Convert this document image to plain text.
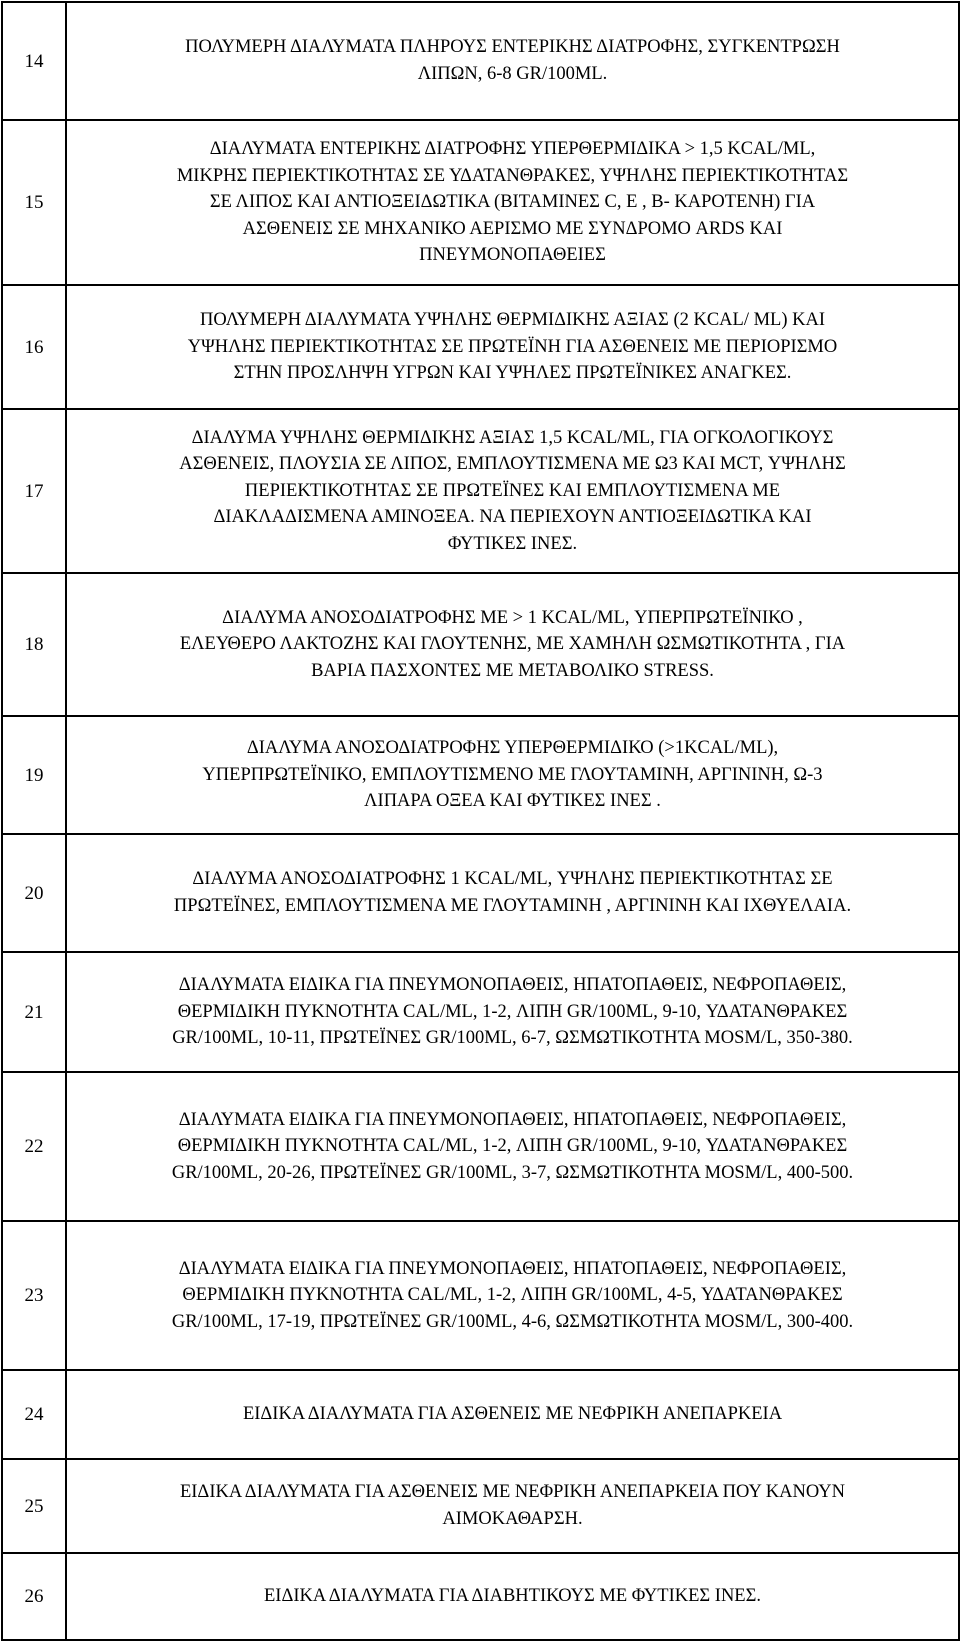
14	ΠΟΛΥΜΕΡΗ ΔΙΑΛΥΜΑΤΑ ΠΛΗΡΟΥΣ ΕΝΤΕΡΙΚΗΣ ΔΙΑΤΡΟΦΗΣ, ΣΥΓΚΕΝΤΡΩΣΗ
ΛΙΠΩΝ, 6-8 GR/100ML.
15	ΔΙΑΛΥΜΑΤΑ ΕΝΤΕΡΙΚΗΣ ΔΙΑΤΡΟΦΗΣ ΥΠΕΡΘΕΡΜΙΔΙΚΑ > 1,5 KCAL/ML,
ΜΙΚΡΗΣ ΠΕΡΙΕΚΤΙΚΟΤΗΤΑΣ ΣΕ ΥΔΑΤΑΝΘΡΑΚΕΣ, ΥΨΗΛΗΣ ΠΕΡΙΕΚΤΙΚΟΤΗΤΑΣ
ΣΕ ΛΙΠΟΣ ΚΑΙ ΑΝΤΙΟΞΕΙΔΩΤΙΚΑ (ΒΙΤΑΜΙΝΕΣ C, E , Β- ΚΑΡΟΤΕΝΗ) ΓΙΑ
ΑΣΘΕΝΕΙΣ ΣΕ ΜΗΧΑΝΙΚΟ ΑΕΡΙΣΜΟ ΜΕ ΣΥΝΔΡΟΜΟ ARDS ΚΑΙ
ΠΝΕΥΜΟΝΟΠΑΘΕΙΕΣ
16	ΠΟΛΥΜΕΡΗ ΔΙΑΛΥΜΑΤΑ ΥΨΗΛΗΣ ΘΕΡΜΙΔΙΚΗΣ ΑΞΙΑΣ (2 KCAL/ ML) ΚΑΙ
ΥΨΗΛΗΣ ΠΕΡΙΕΚΤΙΚΟΤΗΤΑΣ ΣΕ ΠΡΩΤΕΪΝΗ ΓΙΑ ΑΣΘΕΝΕΙΣ ΜΕ ΠΕΡΙΟΡΙΣΜΟ
ΣΤΗΝ ΠΡΟΣΛΗΨΗ ΥΓΡΩΝ ΚΑΙ ΥΨΗΛΕΣ ΠΡΩΤΕΪΝΙΚΕΣ ΑΝΑΓΚΕΣ.
17	ΔΙΑΛΥΜΑ ΥΨΗΛΗΣ ΘΕΡΜΙΔΙΚΗΣ ΑΞΙΑΣ 1,5 KCAL/ML, ΓΙΑ ΟΓΚΟΛΟΓΙΚΟΥΣ
ΑΣΘΕΝΕΙΣ, ΠΛΟΥΣΙΑ ΣΕ ΛΙΠΟΣ, ΕΜΠΛΟΥΤΙΣΜΕΝΑ ΜΕ Ω3 ΚΑΙ MCT, ΥΨΗΛΗΣ
ΠΕΡΙΕΚΤΙΚΟΤΗΤΑΣ ΣΕ ΠΡΩΤΕΪΝΕΣ ΚΑΙ ΕΜΠΛΟΥΤΙΣΜΕΝΑ ΜΕ
ΔΙΑΚΛΑΔΙΣΜΕΝΑ ΑΜΙΝΟΞΕΑ. ΝΑ ΠΕΡΙΕΧΟΥΝ ΑΝΤΙΟΞΕΙΔΩΤΙΚΑ ΚΑΙ
ΦΥΤΙΚΕΣ ΙΝΕΣ.
18	ΔΙΑΛΥΜΑ ΑΝΟΣΟΔΙΑΤΡΟΦΗΣ ΜΕ > 1 KCAL/ML, ΥΠΕΡΠΡΩΤΕΪΝΙΚΟ ,
ΕΛΕΥΘΕΡΟ ΛΑΚΤΟΖΗΣ ΚΑΙ ΓΛΟΥΤΕΝΗΣ, ΜΕ ΧΑΜΗΛΗ ΩΣΜΩΤΙΚΟΤΗΤΑ , ΓΙΑ
ΒΑΡΙΑ ΠΑΣΧΟΝΤΕΣ ΜΕ ΜΕΤΑΒΟΛΙΚΟ STRESS.
19	ΔΙΑΛΥΜΑ ΑΝΟΣΟΔΙΑΤΡΟΦΗΣ ΥΠΕΡΘΕΡΜΙΔΙΚΟ (>1KCAL/ML),
ΥΠΕΡΠΡΩΤΕΪΝΙΚΟ, ΕΜΠΛΟΥΤΙΣΜΕΝΟ ΜΕ ΓΛΟΥΤΑΜΙΝΗ, ΑΡΓΙΝΙΝΗ, Ω-3
ΛΙΠΑΡΑ ΟΞΕΑ ΚΑΙ ΦΥΤΙΚΕΣ ΙΝΕΣ .
20	ΔΙΑΛΥΜΑ ΑΝΟΣΟΔΙΑΤΡΟΦΗΣ 1 KCAL/ML, ΥΨΗΛΗΣ ΠΕΡΙΕΚΤΙΚΟΤΗΤΑΣ ΣΕ
ΠΡΩΤΕΪΝΕΣ, ΕΜΠΛΟΥΤΙΣΜΕΝΑ ΜΕ ΓΛΟΥΤΑΜΙΝΗ , ΑΡΓΙΝΙΝΗ ΚΑΙ ΙΧΘΥΕΛΑΙΑ.
21	ΔΙΑΛΥΜΑΤΑ ΕΙΔΙΚΑ ΓΙΑ ΠΝΕΥΜΟΝΟΠΑΘΕΙΣ, ΗΠΑΤΟΠΑΘΕΙΣ, ΝΕΦΡΟΠΑΘΕΙΣ,
ΘΕΡΜΙΔΙΚΗ ΠΥΚΝΟΤΗΤΑ CAL/ML, 1-2, ΛΙΠΗ GR/100ML, 9-10, ΥΔΑΤΑΝΘΡΑΚΕΣ
GR/100ML, 10-11, ΠΡΩΤΕΪΝΕΣ GR/100ML, 6-7, ΩΣΜΩΤΙΚΟΤΗΤΑ MOSM/L, 350-380.
22	ΔΙΑΛΥΜΑΤΑ ΕΙΔΙΚΑ ΓΙΑ ΠΝΕΥΜΟΝΟΠΑΘΕΙΣ, ΗΠΑΤΟΠΑΘΕΙΣ, ΝΕΦΡΟΠΑΘΕΙΣ,
ΘΕΡΜΙΔΙΚΗ ΠΥΚΝΟΤΗΤΑ CAL/ML, 1-2, ΛΙΠΗ GR/100ML, 9-10, ΥΔΑΤΑΝΘΡΑΚΕΣ
GR/100ML, 20-26, ΠΡΩΤΕΪΝΕΣ GR/100ML, 3-7, ΩΣΜΩΤΙΚΟΤΗΤΑ MOSM/L, 400-500.
23	ΔΙΑΛΥΜΑΤΑ ΕΙΔΙΚΑ ΓΙΑ ΠΝΕΥΜΟΝΟΠΑΘΕΙΣ, ΗΠΑΤΟΠΑΘΕΙΣ, ΝΕΦΡΟΠΑΘΕΙΣ,
ΘΕΡΜΙΔΙΚΗ ΠΥΚΝΟΤΗΤΑ CAL/ML, 1-2, ΛΙΠΗ GR/100ML, 4-5, ΥΔΑΤΑΝΘΡΑΚΕΣ
GR/100ML, 17-19, ΠΡΩΤΕΪΝΕΣ GR/100ML, 4-6, ΩΣΜΩΤΙΚΟΤΗΤΑ MOSM/L, 300-400.
24	ΕΙΔΙΚΑ ΔΙΑΛΥΜΑΤΑ ΓΙΑ ΑΣΘΕΝΕΙΣ ΜΕ ΝΕΦΡΙΚΗ ΑΝΕΠΑΡΚΕΙΑ
25	ΕΙΔΙΚΑ ΔΙΑΛΥΜΑΤΑ ΓΙΑ ΑΣΘΕΝΕΙΣ ΜΕ ΝΕΦΡΙΚΗ ΑΝΕΠΑΡΚΕΙΑ ΠΟΥ ΚΑΝΟΥΝ
ΑΙΜΟΚΑΘΑΡΣΗ.
26	ΕΙΔΙΚΑ ΔΙΑΛΥΜΑΤΑ ΓΙΑ ΔΙΑΒΗΤΙΚΟΥΣ ΜΕ ΦΥΤΙΚΕΣ ΙΝΕΣ.
